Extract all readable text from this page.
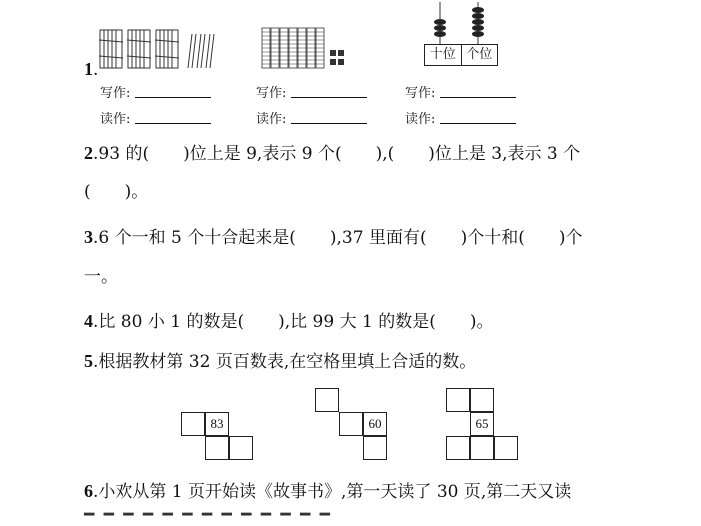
十位 个位
1.
写作:
读作:
写作:
读作:
写作:
读作:
2.93 的(　　)位上是 9,表示 9 个(　　),(　　)位上是 3,表示 3 个
(　　)。
3.6 个一和 5 个十合起来是(　　),37 里面有(　　)个十和(　　)个
一。
4.比 80 小 1 的数是(　　),比 99 大 1 的数是(　　)。
5.根据教材第 32 页百数表,在空格里填上合适的数。
83	60	65
6.小欢从第 1 页开始读《故事书》,第一天读了 30 页,第二天又读
━ ━ ━ ━ ━ ━ ━ ━ ━ ━ ━ ━ ━
